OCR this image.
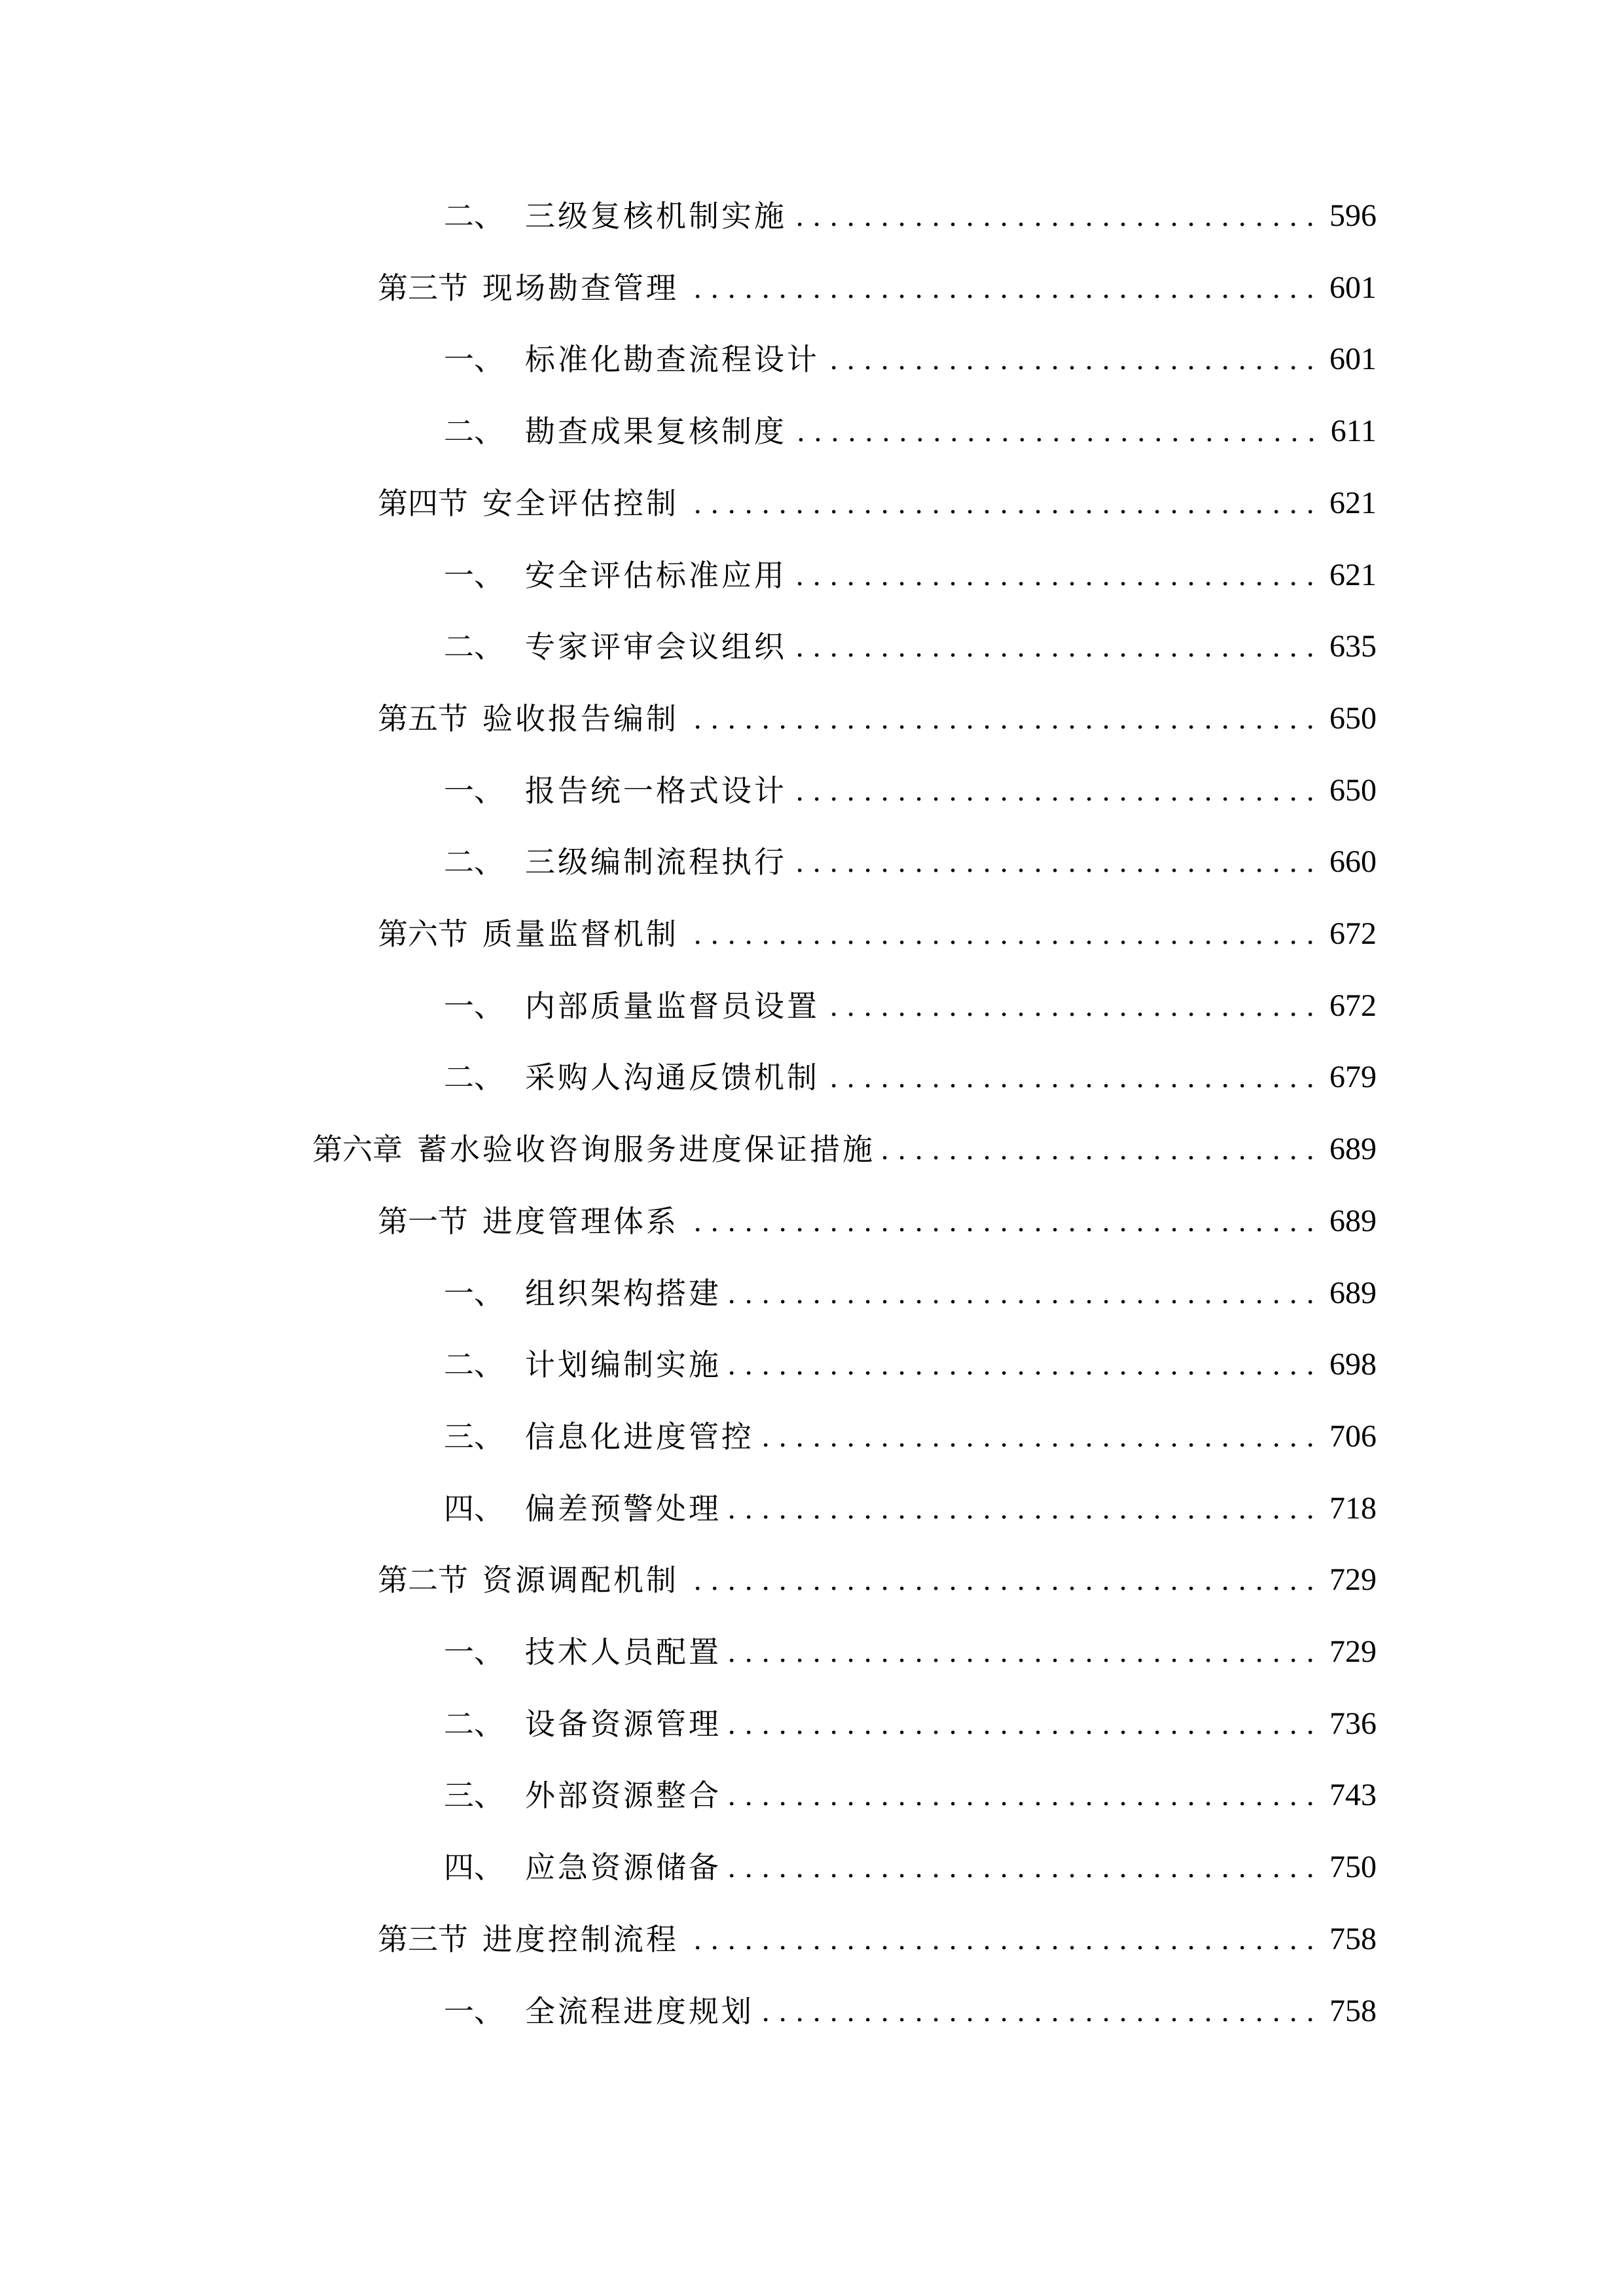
二、 三级复核机制实施 . . .	596
第三节 现场勘查管理 . . .	601
一、 标准化勘查流程设计 . . .	601
二、 勘查成果复核制度 . . .	611
第四节 安全评估控制 . . .	621
一、 安全评估标准应用 . . .	621
二、 专家评审会议组织 . . .	635
第五节 验收报告编制 . . .	650
一、 报告统一格式设计 . . .	650
二、 三级编制流程执行 . . .	660
第六节 质量监督机制 . . .	672
一、 内部质量监督员设置 . . .	672
二、 采购人沟通反馈机制 . . .	679
第六章 蓄水验收咨询服务进度保证措施 . . .	689
第一节 进度管理体系 . . .	689
一、 组织架构搭建 . . .	689
二、 计划编制实施 . . .	698
三、 信息化进度管控 . . .	706
四、 偏差预警处理 . . .	718
第二节 资源调配机制 . . .	729
一、 技术人员配置 . . .	729
二、 设备资源管理 . . .	736
三、 外部资源整合 . . .	743
四、 应急资源储备 . . .	750
第三节 进度控制流程 . . .	758
一、 全流程进度规划 . . .	758
